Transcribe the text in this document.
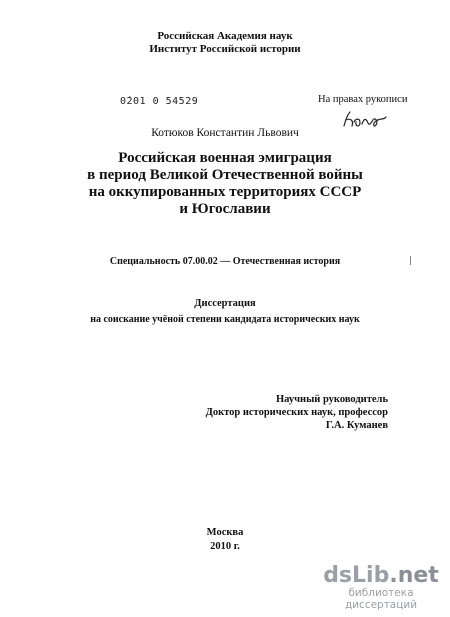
Российская Академия наук
Институт Российской истории
0́201 0 54529	На правах рукописи
Котюков Константин Львович
Российская военная эмиграция
в период Великой Отечественной войны
на оккупированных территориях СССР
и Югославии
Специальность 07.00.02 — Отечественная история
Диссертация
на соискание учёной степени кандидата исторических наук
Научный руководитель
Доктор исторических наук, профессор
Г.А. Куманев
Москва
2010 г.
dsLib.net
библиотека диссертаций
